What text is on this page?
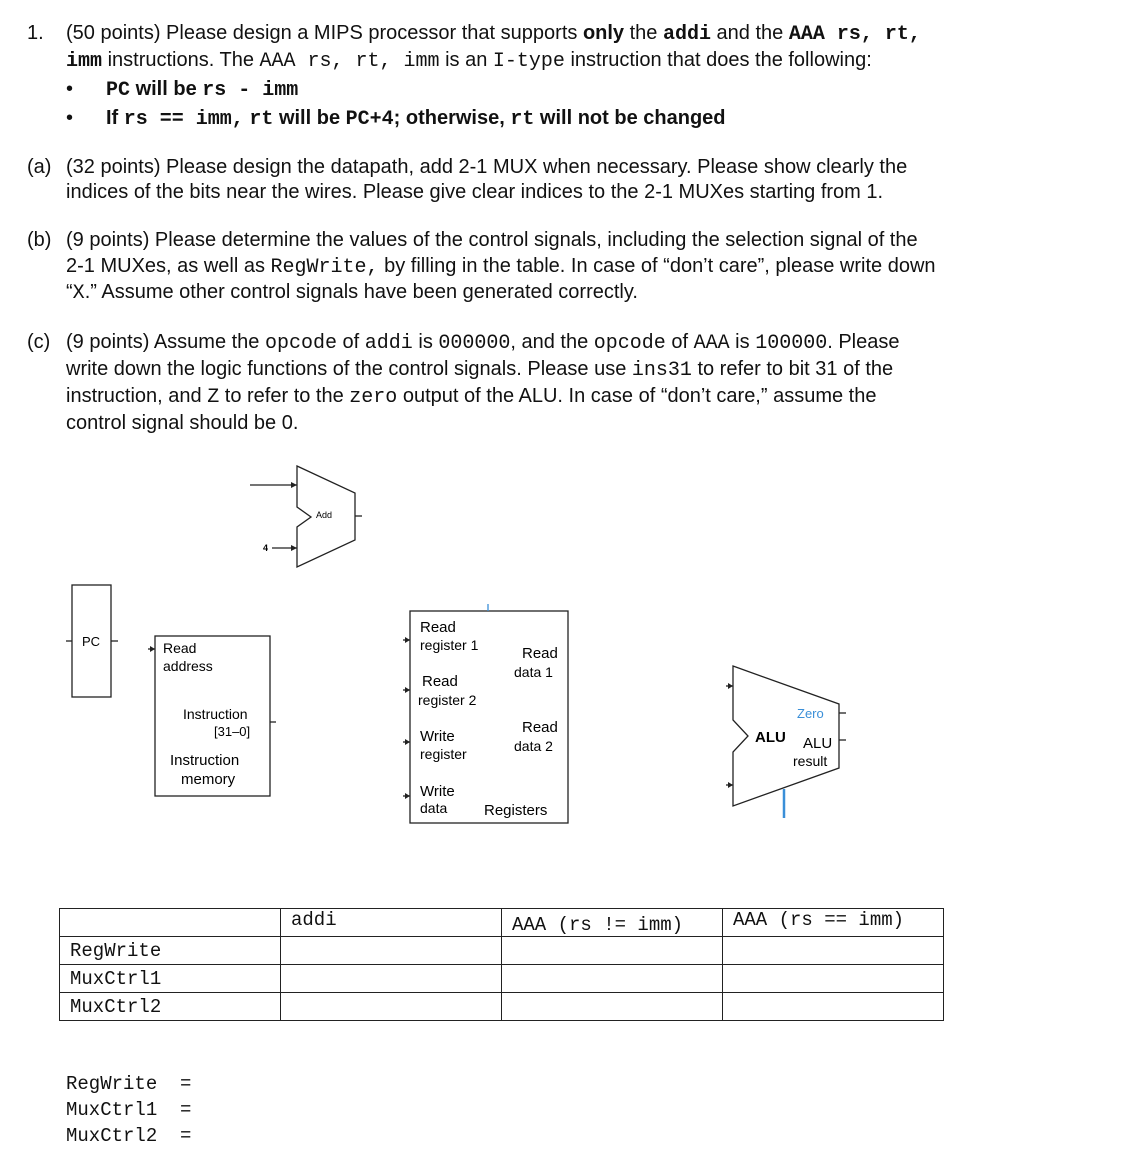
1. (50 points) Please design a MIPS processor that supports only the addi and the AAA rs, rt,
imm instructions. The AAA rs, rt, imm is an I-type instruction that does the following:
• PC will be rs - imm
• If rs == imm, rt will be PC+4; otherwise, rt will not be changed
(a) (32 points) Please design the datapath, add 2-1 MUX when necessary. Please show clearly the
indices of the bits near the wires. Please give clear indices to the 2-1 MUXes starting from 1.
(b) (9 points) Please determine the values of the control signals, including the selection signal of the
2-1 MUXes, as well as RegWrite, by filling in the table. In case of “don’t care”, please write down
“X.” Assume other control signals have been generated correctly.
(c) (9 points) Assume the opcode of addi is 000000, and the opcode of AAA is 100000. Please
write down the logic functions of the control signals. Please use ins31 to refer to bit 31 of the
instruction, and Z to refer to the zero output of the ALU. In case of “don’t care,” assume the
control signal should be 0.
4
Add
PC	Read
address
Instruction
[31–0]
Instruction
memory
Read
register 1
Read
register 2
Write
register
Write
data
Read
data 1
Read
data 2
Registers
Zero
ALU ALU
result
	addi	AAA (rs != imm)	AAA (rs == imm)
RegWrite			
MuxCtrl1			
MuxCtrl2			
RegWrite  =
MuxCtrl1  =
MuxCtrl2  =
